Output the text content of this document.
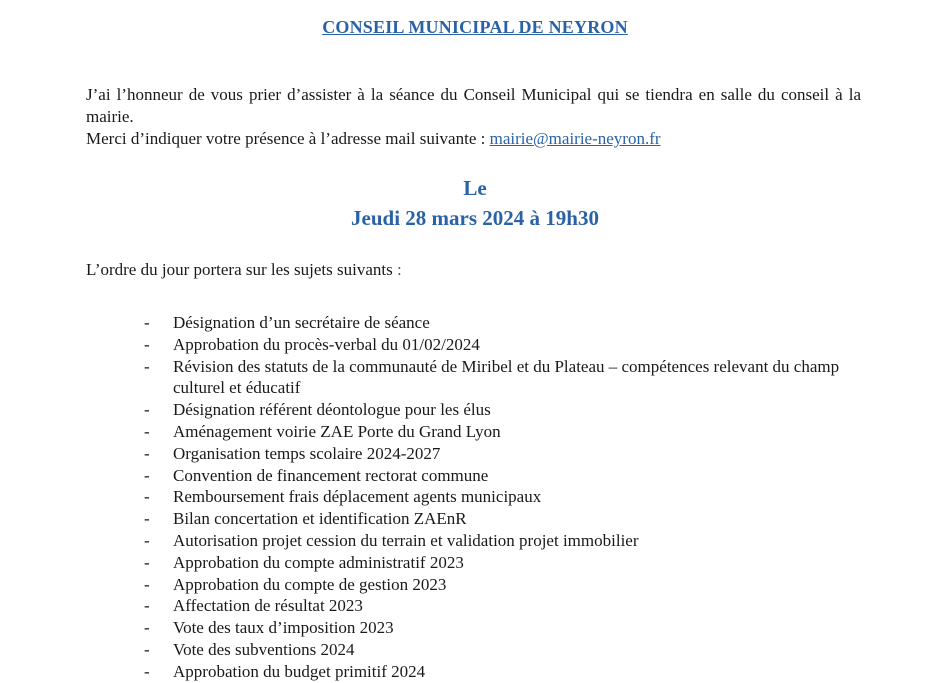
CONSEIL MUNICIPAL DE NEYRON

J’ai l’honneur de vous prier d’assister à la séance du Conseil Municipal qui se tiendra en salle du conseil à la mairie.

Merci d’indiquer votre présence à l’adresse mail suivante : mairie@mairie-neyron.fr

Le
Jeudi 28 mars 2024 à 19h30
L’ordre du jour portera sur les sujets suivants :
- Désignation d’un secrétaire de séance
- Approbation du procès-verbal du 01/02/2024
- Révision des statuts de la communauté de Miribel et du Plateau – compétences relevant du champ culturel et éducatif
- Désignation référent déontologue pour les élus
- Aménagement voirie ZAE Porte du Grand Lyon
- Organisation temps scolaire 2024-2027
- Convention de financement rectorat commune
- Remboursement frais déplacement agents municipaux
- Bilan concertation et identification ZAEnR
- Autorisation projet cession du terrain et validation projet immobilier
- Approbation du compte administratif 2023
- Approbation du compte de gestion 2023
- Affectation de résultat 2023
- Vote des taux d’imposition 2023
- Vote des subventions 2024
- Approbation du budget primitif 2024
